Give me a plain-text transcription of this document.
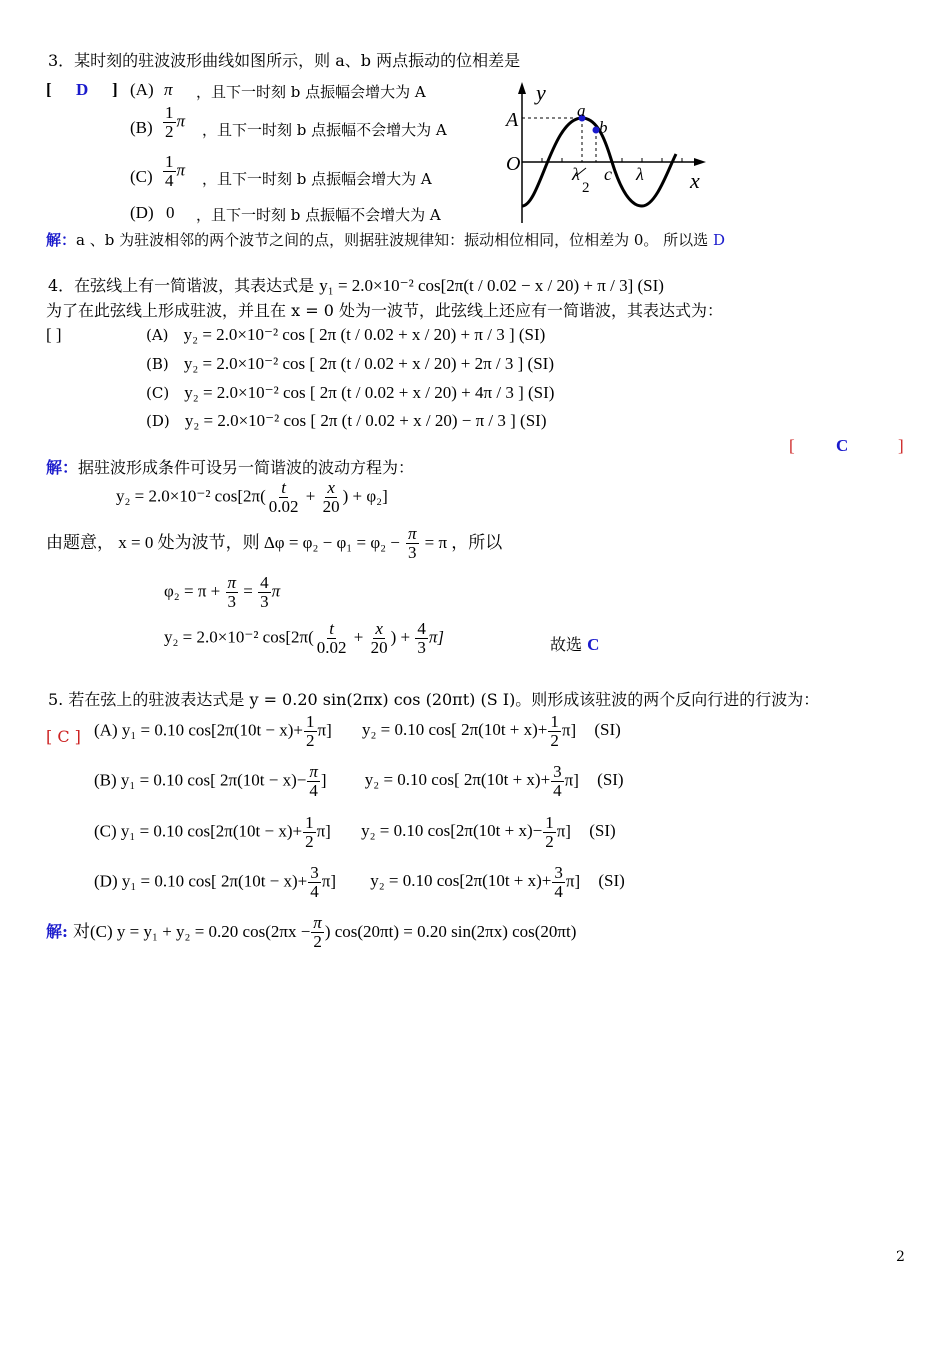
3．某时刻的驻波波形曲线如图所示，则 a、b 两点振动的位相差是
[ D ] (A) π ，且下一时刻 b 点振幅会增大为 A
$(B) \frac{1}{2}$ π ，且下一时刻 b 点振幅不会增大为 A
$(C) \frac{1}{4}$ π ，且下一时刻 b 点振幅会增大为 A
(D) 0 ，且下一时刻 b 点振幅不会增大为 A
y
x
A
O
a
b
c
λ
2
λ
解：a 、b 为驻波相邻的两个波节之间的点，则据驻波规律知：振动相位相同，位相差为 0。 所以选 D
4．在弦线上有一简谐波，其表达式是 y₁ = 2.0×10⁻² cos[2π(t / 0.02 − x / 20) + π / 3] (SI)
为了在此弦线上形成驻波，并且在 x = 0 处为一波节，此弦线上还应有一简谐波，其表达式为：
[ ]	(A) y₂ = 2.0×10⁻² cos [ 2π (t / 0.02 + x / 20) + π / 3 ] (SI)
(B) y₂ = 2.0×10⁻² cos [ 2π (t / 0.02 + x / 20) + 2π / 3 ] (SI)
(C) y₂ = 2.0×10⁻² cos [ 2π (t / 0.02 + x / 20) + 4π / 3 ] (SI)
(D) y₂ = 2.0×10⁻² cos [ 2π (t / 0.02 + x / 20) − π / 3 ] (SI)
[ C	]
解：据驻波形成条件可设另一简谐波的波动方程为：
y₂ = 2.0×10⁻² $\cos[2\pi( \frac{t}{0.02} + \frac{x}{20}$ ) + φ₂]
由题意， x = 0 处为波节，则 $\Delta\varphi = \varphi_2 - \varphi_1 = \varphi_2 - \frac{\pi}{3} = \pi$ ，所以
$\varphi_2 = \pi + \frac{\pi}{3} = \frac{4}{3}$ π
y₂ = 2.0×10⁻² $\cos[2\pi( \frac{t}{0.02} + \frac{x}{20}$ ) + $\frac{4}{3} \pi$]	故选 C
5. 若在弦上的驻波表达式是 y = 0.20 sin(2πx) cos (20πt) (S I)。则形成该驻波的两个反向行进的行波为：
[ C ] (A) y₁ = 0.10 $\cos[2\pi(10t - x)+ \frac{1}{2} \pi]$ y₂ = 0.10 cos[ $2\pi(10t + x)+ \frac{1}{2} \pi$] (SI)
(B) y₁ = 0.10 cos[ $2\pi(10t - x)- \frac{\pi}{4}$ ] y₂ = 0.10 cos[ $2\pi(10t + x)+ \frac{3}{4} \pi$] (SI)
(C) y₁ = 0.10 $\cos[2\pi(10t - x)+ \frac{1}{2} \pi]$ y₂ = 0.10 $\cos[2\pi(10t + x)- \frac{1}{2} \pi]$ (SI)
(D) y₁ = 0.10 cos[ $2\pi(10t - x)+ \frac{3}{4} \pi$] y₂ = 0.10 $\cos[2\pi(10t + x)+ \frac{3}{4} \pi]$ (SI)
解: 对(C) y = y₁ + y₂ = 0.20 $\cos(2\pi x - \frac{\pi}{2}$ ) cos(20πt) = 0.20 sin(2πx) cos(20πt)
2
